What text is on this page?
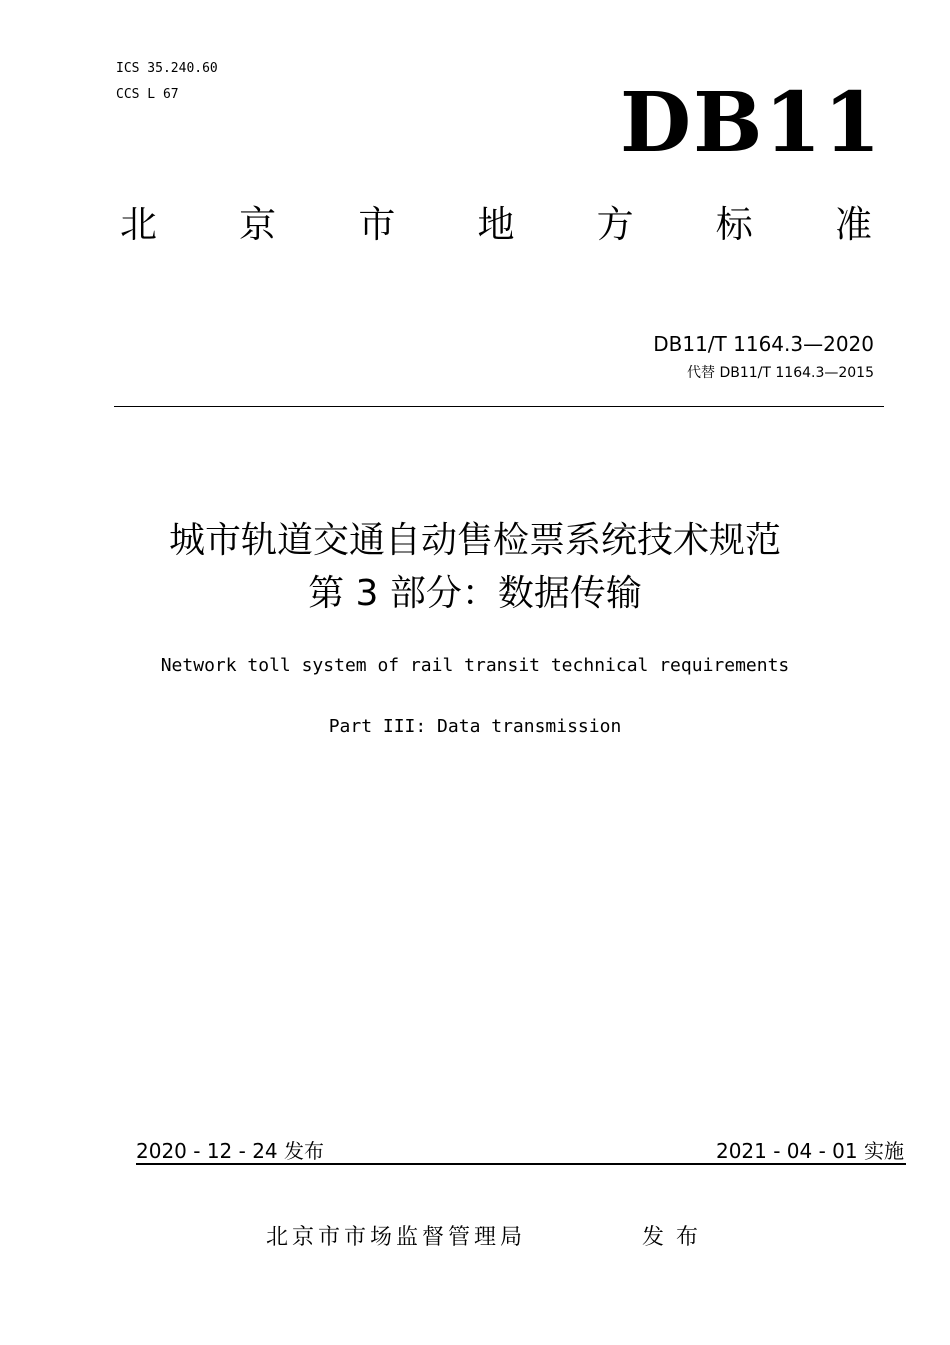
ICS 35.240.60
CCS L 67	DB11
北 京 市 地 方 标 准
DB11/T 1164.3—2020
代替 DB11/T 1164.3—2015
城市轨道交通自动售检票系统技术规范
第 3 部分：数据传输
Network toll system of rail transit technical requirements
Part III: Data transmission
2020 - 12 - 24 发布	2021 - 04 - 01 实施
北京市市场监督管理局	发布
